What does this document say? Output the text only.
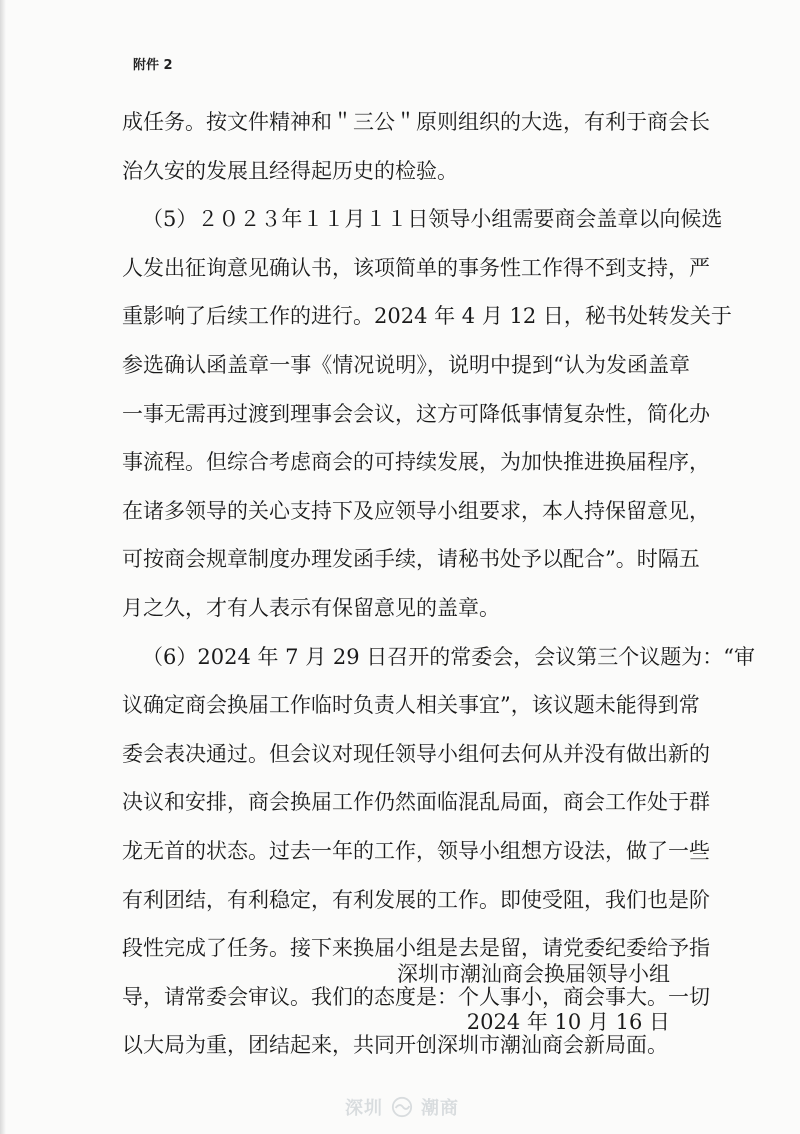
附件 2
成任务。按文件精神和＂三公＂原则组织的大选，有利于商会长
治久安的发展且经得起历史的检验。
（5）２０２３年１１月１１日领导小组需要商会盖章以向候选
人发出征询意见确认书，该项简单的事务性工作得不到支持，严
重影响了后续工作的进行。2024 年 4 月 12 日，秘书处转发关于
参选确认函盖章一事《情况说明》，说明中提到“认为发函盖章
一事无需再过渡到理事会会议，这方可降低事情复杂性，简化办
事流程。但综合考虑商会的可持续发展，为加快推进换届程序，
在诸多领导的关心支持下及应领导小组要求，本人持保留意见，
可按商会规章制度办理发函手续，请秘书处予以配合”。时隔五
月之久，才有人表示有保留意见的盖章。
（6）2024 年 7 月 29 日召开的常委会，会议第三个议题为：“审
议确定商会换届工作临时负责人相关事宜”，该议题未能得到常
委会表决通过。但会议对现任领导小组何去何从并没有做出新的
决议和安排，商会换届工作仍然面临混乱局面，商会工作处于群
龙无首的状态。过去一年的工作，领导小组想方设法，做了一些
有利团结，有利稳定，有利发展的工作。即使受阻，我们也是阶
段性完成了任务。接下来换届小组是去是留，请党委纪委给予指
导，请常委会审议。我们的态度是：个人事小，商会事大。一切
以大局为重，团结起来，共同开创深圳市潮汕商会新局面。
深圳市潮汕商会换届领导小组
2024 年 10 月 16 日
深圳 潮商
